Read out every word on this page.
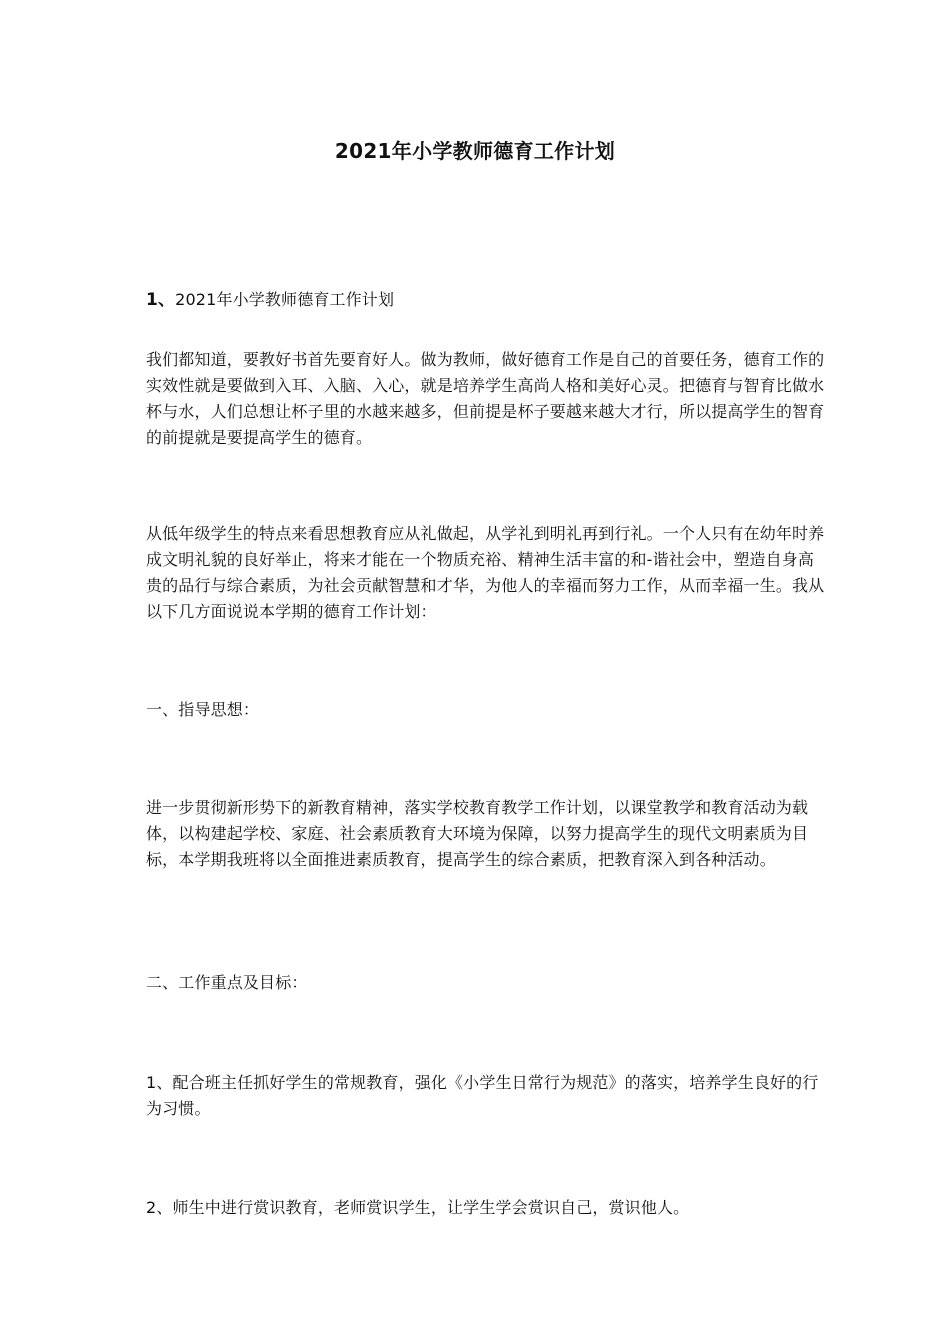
2021年小学教师德育工作计划
1、2021年小学教师德育工作计划
我们都知道，要教好书首先要育好人。做为教师，做好德育工作是自己的首要任务，德育工作的实效性就是要做到入耳、入脑、入心，就是培养学生高尚人格和美好心灵。把德育与智育比做水杯与水，人们总想让杯子里的水越来越多，但前提是杯子要越来越大才行，所以提高学生的智育的前提就是要提高学生的德育。
从低年级学生的特点来看思想教育应从礼做起，从学礼到明礼再到行礼。一个人只有在幼年时养成文明礼貌的良好举止，将来才能在一个物质充裕、精神生活丰富的和-谐社会中，塑造自身高贵的品行与综合素质，为社会贡献智慧和才华，为他人的幸福而努力工作，从而幸福一生。我从以下几方面说说本学期的德育工作计划：
一、指导思想：
进一步贯彻新形势下的新教育精神，落实学校教育教学工作计划，以课堂教学和教育活动为载体，以构建起学校、家庭、社会素质教育大环境为保障，以努力提高学生的现代文明素质为目标，本学期我班将以全面推进素质教育，提高学生的综合素质，把教育深入到各种活动。
二、工作重点及目标：
1、配合班主任抓好学生的常规教育，强化《小学生日常行为规范》的落实，培养学生良好的行为习惯。
2、师生中进行赏识教育，老师赏识学生，让学生学会赏识自己，赏识他人。
